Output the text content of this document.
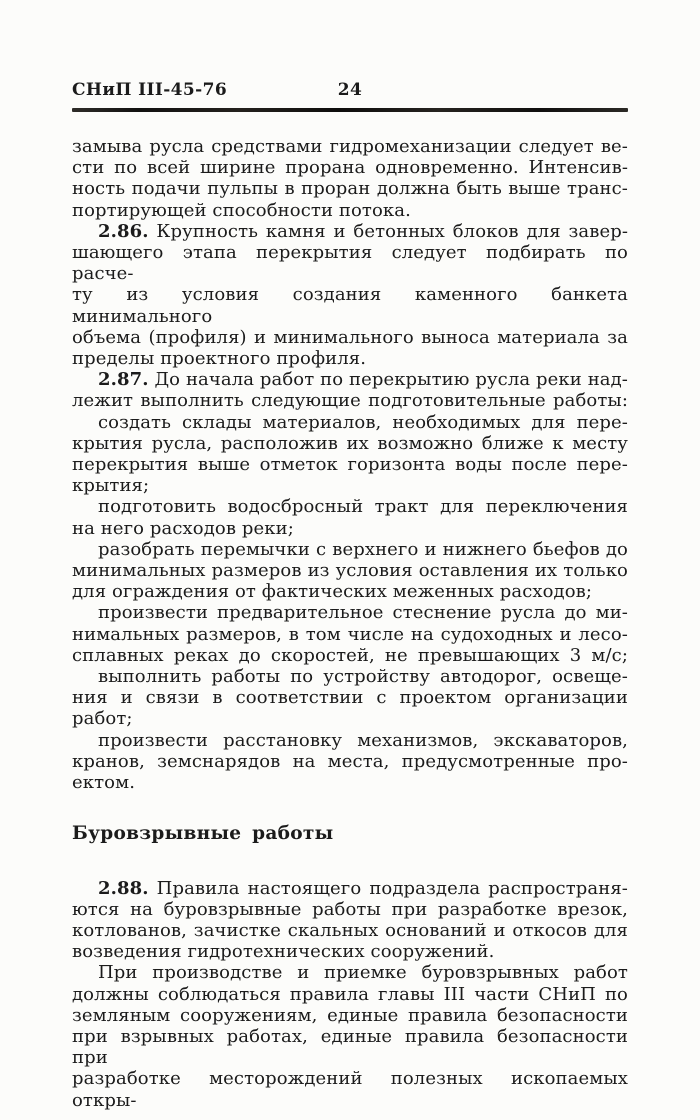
СНиП III-45-76	24
замыва русла средствами гидромеханизации следует ве-
сти по всей ширине прорана одновременно. Интенсив-
ность подачи пульпы в проран должна быть выше транс-
портирующей способности потока.
2.86. Крупность камня и бетонных блоков для завер-
шающего этапа перекрытия следует подбирать по расче-
ту из условия создания каменного банкета минимального
объема (профиля) и минимального выноса материала за
пределы проектного профиля.
2.87. До начала работ по перекрытию русла реки над-
лежит выполнить следующие подготовительные работы:
создать склады материалов, необходимых для пере-
крытия русла, расположив их возможно ближе к месту
перекрытия выше отметок горизонта воды после пере-
крытия;
подготовить водосбросный тракт для переключения
на него расходов реки;
разобрать перемычки с верхнего и нижнего бьефов до
минимальных размеров из условия оставления их только
для ограждения от фактических меженных расходов;
произвести предварительное стеснение русла до ми-
нимальных размеров, в том числе на судоходных и лесо-
сплавных реках до скоростей, не превышающих 3 м/с;
выполнить работы по устройству автодорог, освеще-
ния и связи в соответствии с проектом организации
работ;
произвести расстановку механизмов, экскаваторов,
кранов, земснарядов на места, предусмотренные про-
ектом.
Буровзрывные работы
2.88. Правила настоящего подраздела распространя-
ются на буровзрывные работы при разработке врезок,
котлованов, зачистке скальных оснований и откосов для
возведения гидротехнических сооружений.
При производстве и приемке буровзрывных работ
должны соблюдаться правила главы III части СНиП по
земляным сооружениям, единые правила безопасности
при взрывных работах, единые правила безопасности при
разработке месторождений полезных ископаемых откры-
